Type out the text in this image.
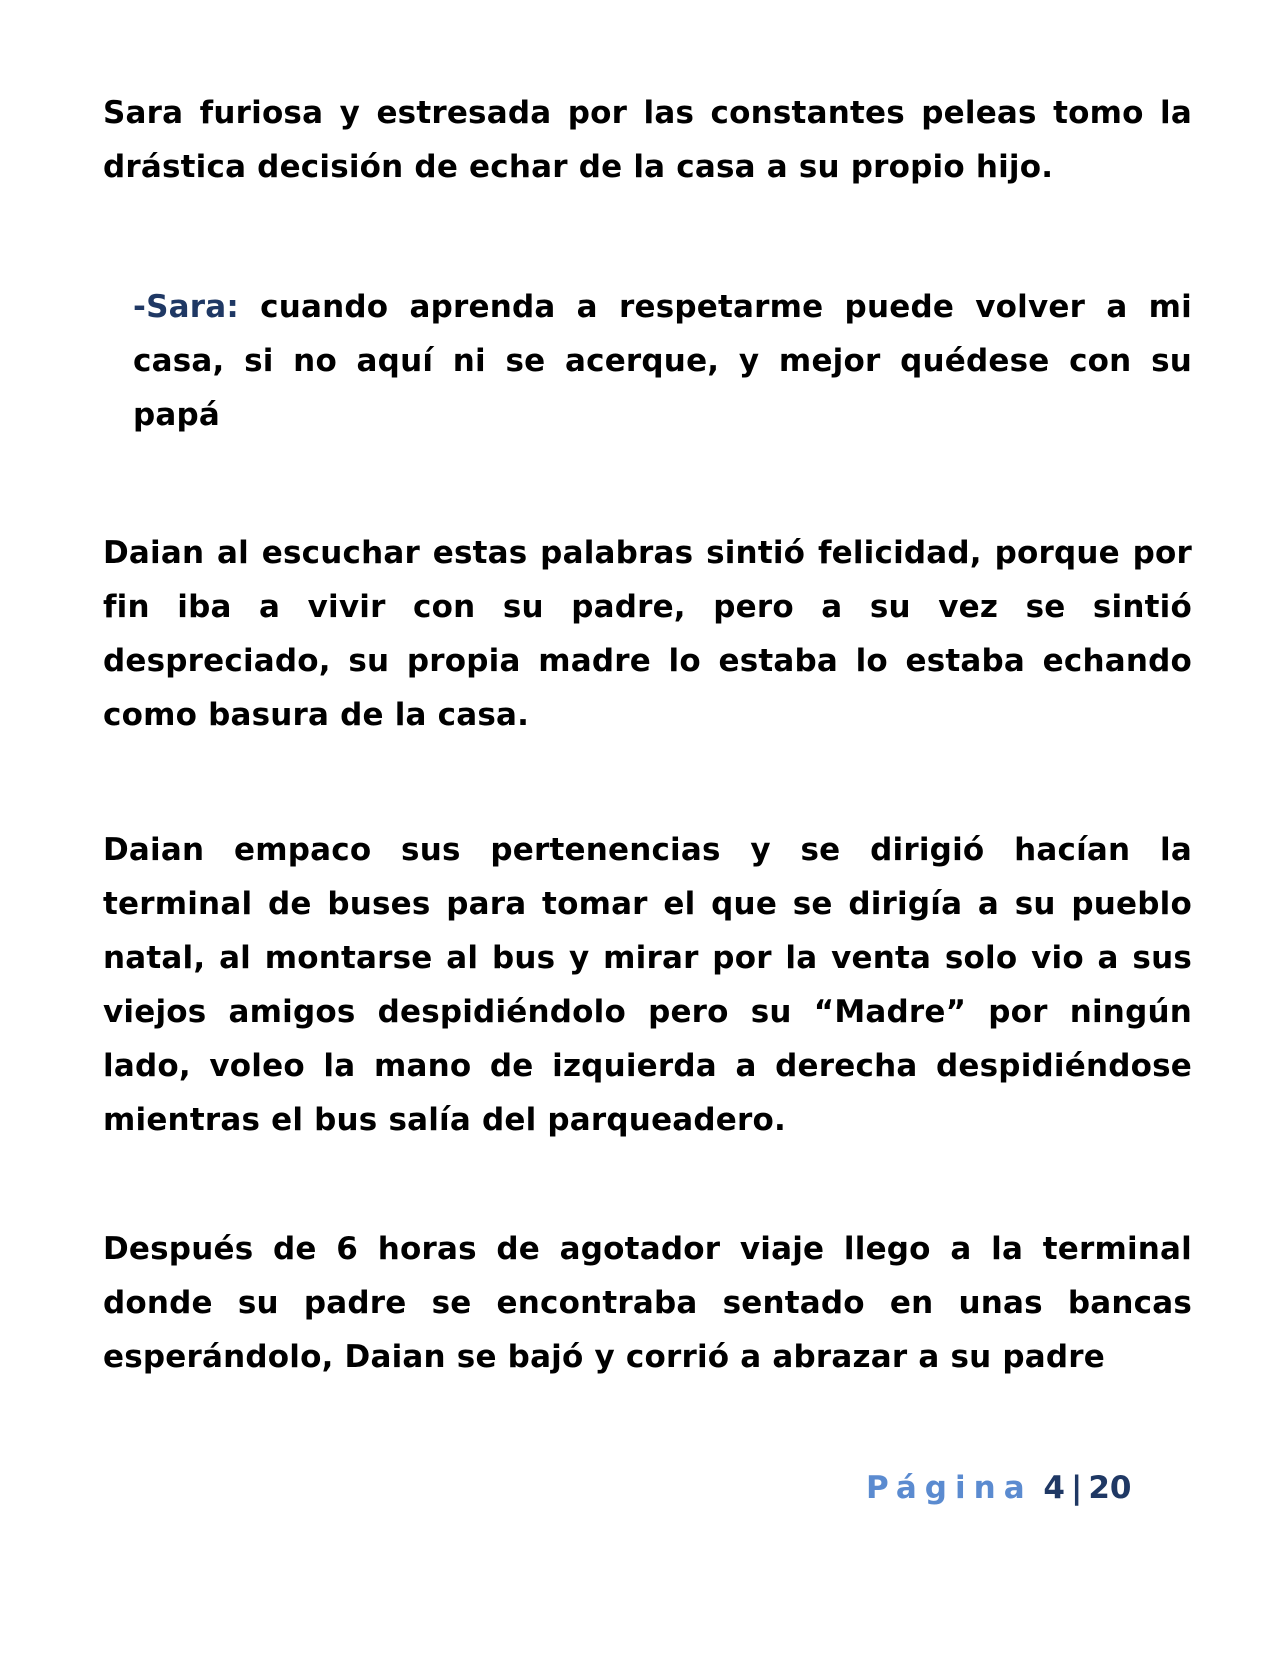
Sara furiosa y estresada por las constantes peleas tomo la drástica decisión de echar de la casa a su propio hijo.

-Sara: cuando aprenda a respetarme puede volver a mi casa, si no aquí ni se acerque, y mejor quédese con su papá

Daian al escuchar estas palabras sintió felicidad, porque por fin iba a vivir con su padre, pero a su vez se sintió despreciado, su propia madre lo estaba lo estaba echando como basura de la casa.

Daian empaco sus pertenencias y se dirigió hacían la terminal de buses para tomar el que se dirigía a su pueblo natal, al montarse al bus y mirar por la venta solo vio a sus viejos amigos despidiéndolo pero su “Madre” por ningún lado, voleo la mano de izquierda a derecha despidiéndose mientras el bus salía del parqueadero.

Después de 6 horas de agotador viaje llego a la terminal donde su padre se encontraba sentado en unas bancas esperándolo, Daian se bajó y corrió a abrazar a su padre

Página 4 | 20
